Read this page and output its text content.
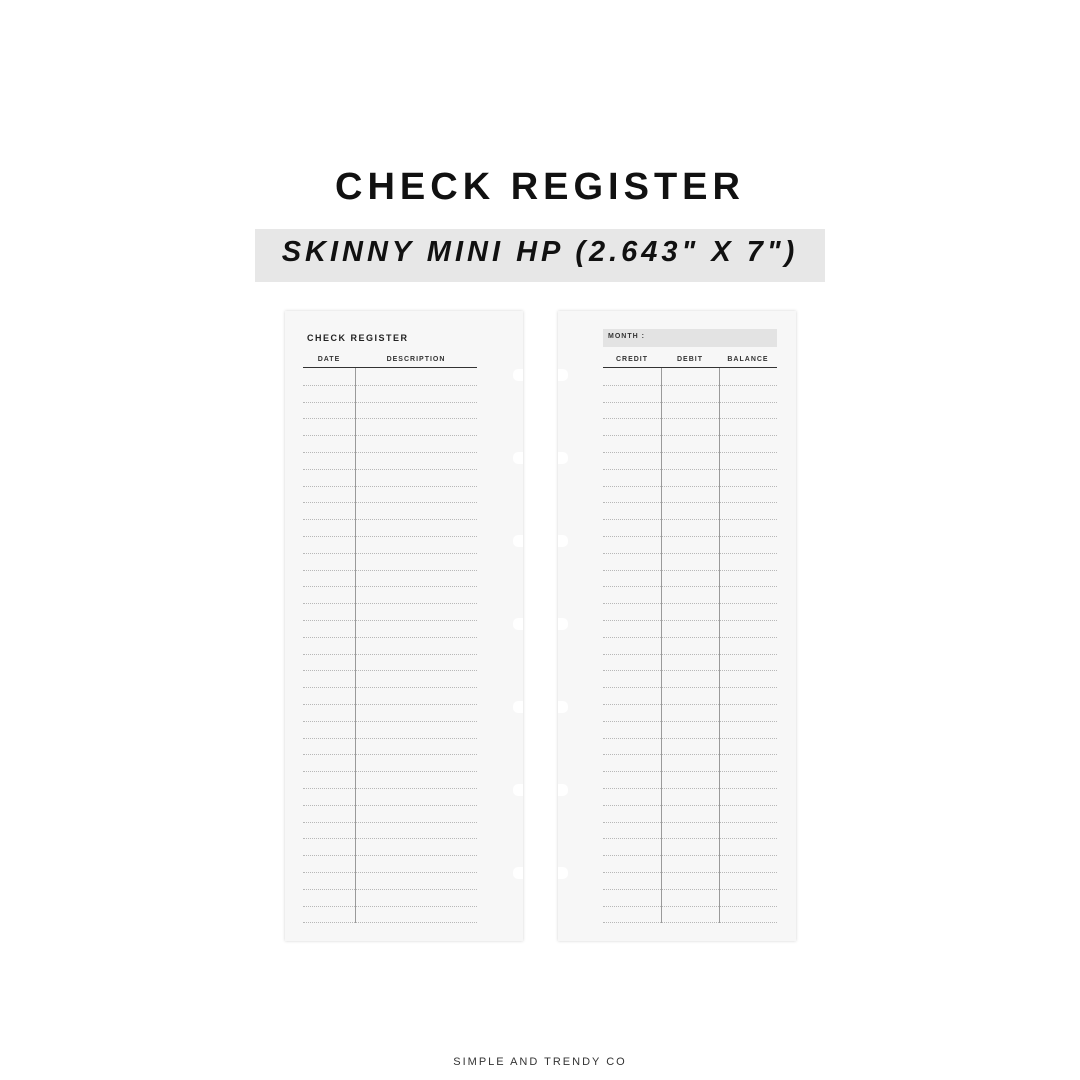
CHECK REGISTER
SKINNY MINI HP (2.643" X 7")
CHECK REGISTER
DATE	DESCRIPTION
MONTH :
CREDIT	DEBIT	BALANCE
SIMPLE AND TRENDY CO
